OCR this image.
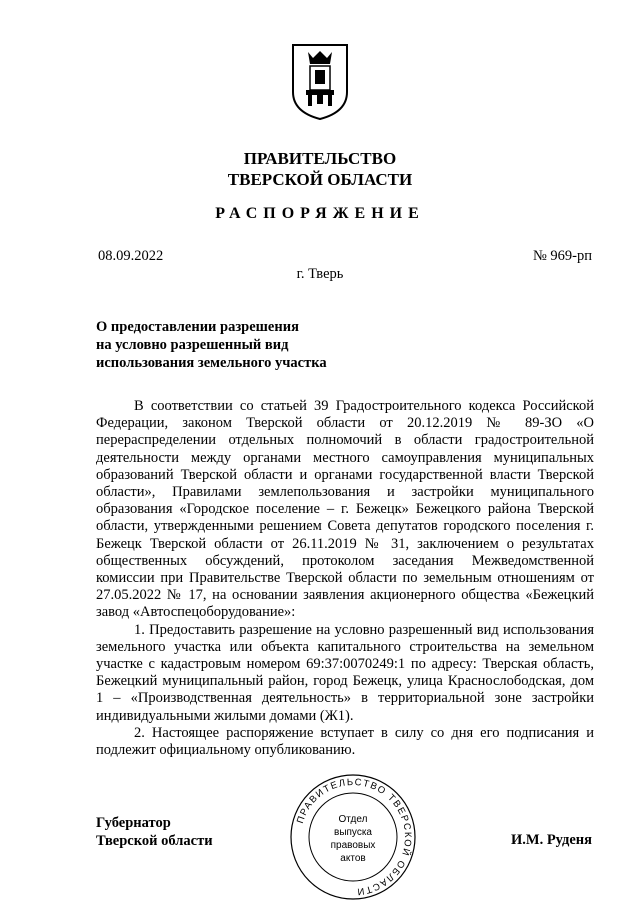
ПРАВИТЕЛЬСТВО
ТВЕРСКОЙ ОБЛАСТИ
РАСПОРЯЖЕНИЕ
08.09.2022	№ 969-рп
г. Тверь
О предоставлении разрешения
на условно разрешенный вид
использования земельного участка

В соответствии со статьей 39 Градостроительного кодекса Российской Федерации, законом Тверской области от 20.12.2019 № 89-ЗО «О перераспределении отдельных полномочий в области градостроительной деятельности между органами местного самоуправления муниципальных образований Тверской области и органами государственной власти Тверской области», Правилами землепользования и застройки муниципального образования «Городское поселение – г. Бежецк» Бежецкого района Тверской области, утвержденными решением Совета депутатов городского поселения г. Бежецк Тверской области от 26.11.2019 № 31, заключением о результатах общественных обсуждений, протоколом заседания Межведомственной комиссии при Правительстве Тверской области по земельным отношениям от 27.05.2022 № 17, на основании заявления акционерного общества «Бежецкий завод «Автоспецоборудование»:

1. Предоставить разрешение на условно разрешенный вид использования земельного участка или объекта капитального строительства на земельном участке с кадастровым номером 69:37:0070249:1 по адресу: Тверская область, Бежецкий муниципальный район, город Бежецк, улица Краснослободская, дом 1 – «Производственная деятельность» в территориальной зоне застройки индивидуальными жилыми домами (Ж1).

2. Настоящее распоряжение вступает в силу со дня его подписания и подлежит официальному опубликованию.

Губернатор
Тверской области	И.М. Руденя
ПРАВИТЕЛЬСТВО ТВЕРСКОЙ ОБЛАСТИ
Отдел
выпуска
правовых
актов
